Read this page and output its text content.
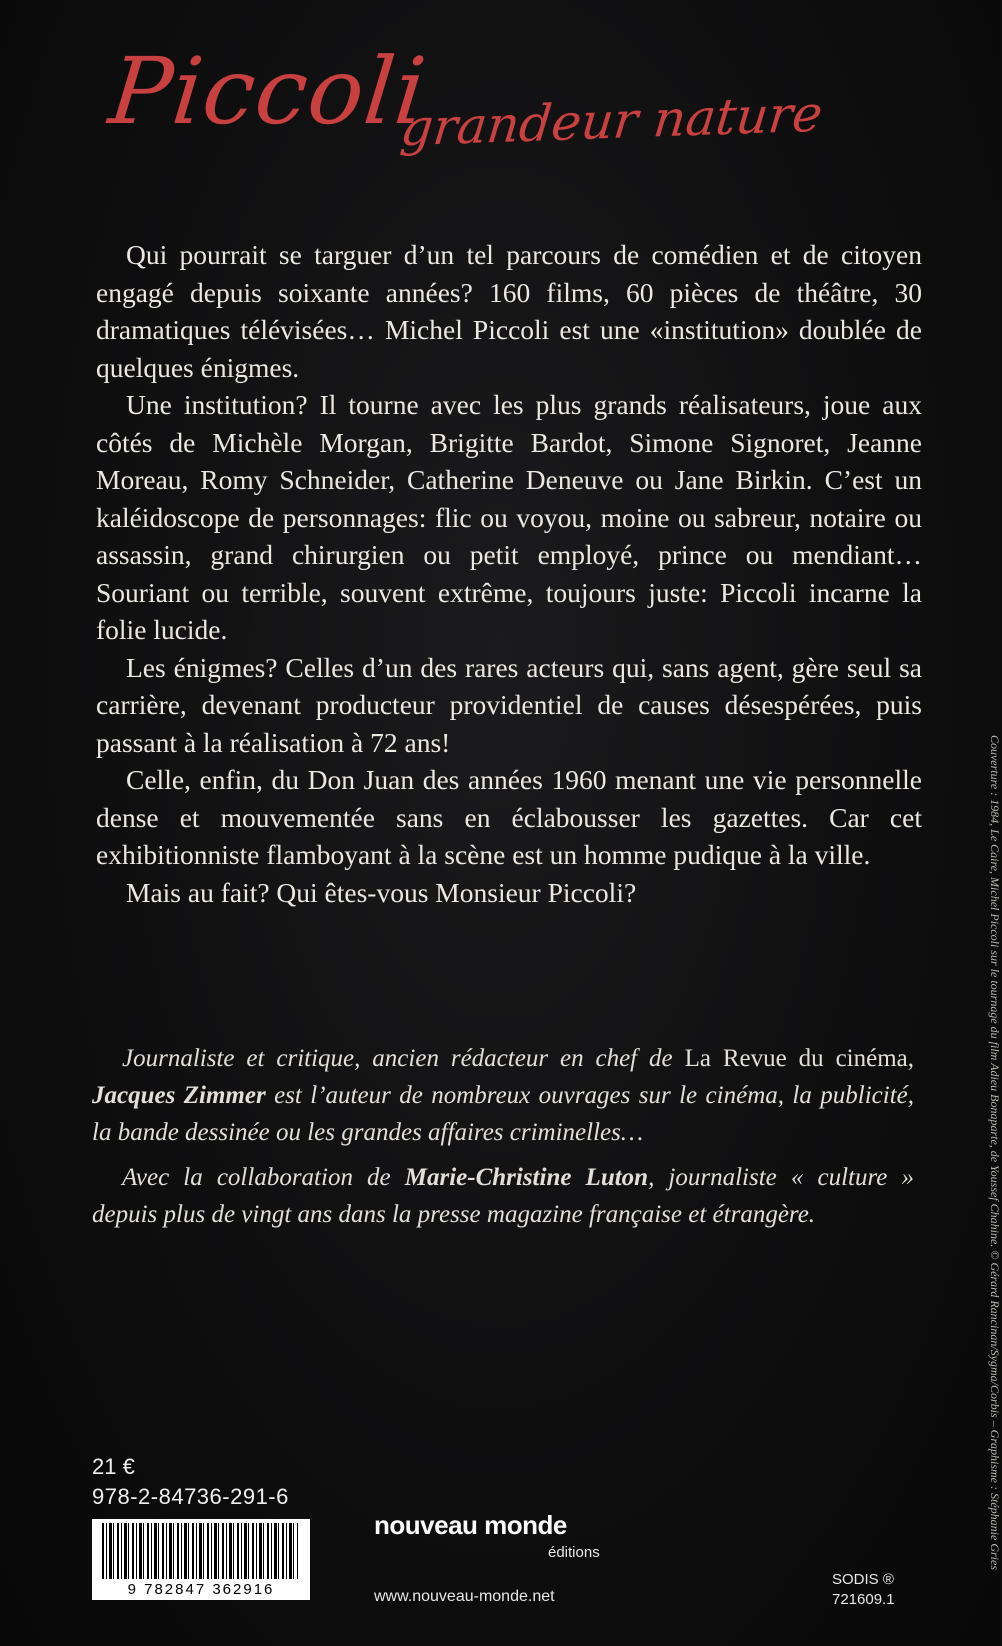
Piccoli
grandeur nature

Qui pourrait se targuer d’un tel parcours de comédien et de citoyen engagé depuis soixante années? 160 films, 60 pièces de théâtre, 30 dramatiques télévisées… Michel Piccoli est une «institution» doublée de quelques énigmes.

Une institution? Il tourne avec les plus grands réalisateurs, joue aux côtés de Michèle Morgan, Brigitte Bardot, Simone Signoret, Jeanne Moreau, Romy Schneider, Catherine Deneuve ou Jane Birkin. C’est un kaléidoscope de personnages: flic ou voyou, moine ou sabreur, notaire ou assassin, grand chirurgien ou petit employé, prince ou mendiant… Souriant ou terrible, souvent extrême, toujours juste: Piccoli incarne la folie lucide.

Les énigmes? Celles d’un des rares acteurs qui, sans agent, gère seul sa carrière, devenant producteur providentiel de causes désespérées, puis passant à la réalisation à 72 ans!

Celle, enfin, du Don Juan des années 1960 menant une vie personnelle dense et mouvementée sans en éclabousser les gazettes. Car cet exhibitionniste flamboyant à la scène est un homme pudique à la ville.

Mais au fait? Qui êtes-vous Monsieur Piccoli?

Journaliste et critique, ancien rédacteur en chef de La Revue du cinéma, Jacques Zimmer est l’auteur de nombreux ouvrages sur le cinéma, la publicité, la bande dessinée ou les grandes affaires criminelles…

Avec la collaboration de Marie-Christine Luton, journaliste « culture » depuis plus de vingt ans dans la presse magazine française et étrangère.	Couverture : 1984, Le Caire, Michel Piccoli sur le tournage du film Adieu Bonaparte, de Youssef Chahine. © Gérard Rancinan/Sygma/Corbis – Graphisme : Stéphanie Gries
21 €
978-2-84736-291-6
9 782847 362916
nouveau monde
éditions
www.nouveau-monde.net
SODIS ®
721609.1
